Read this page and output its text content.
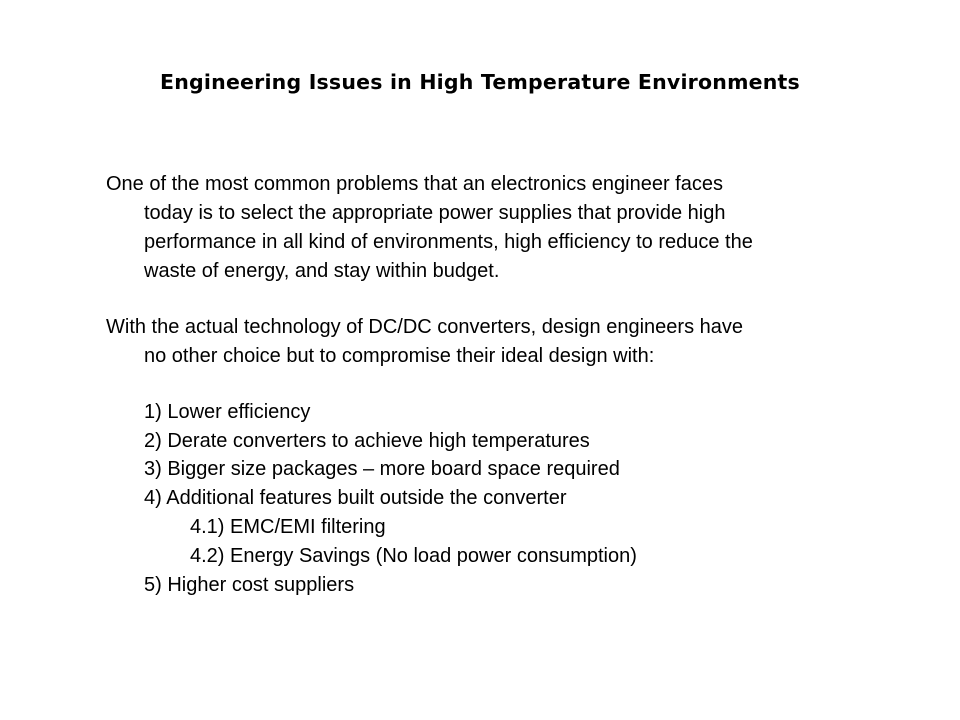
Engineering Issues in High Temperature Environments
One of the most common problems that an electronics engineer faces
today is to select the appropriate power supplies that provide high
performance in all kind of environments, high efficiency to reduce the
waste of energy, and stay within budget.
With the actual technology of DC/DC converters, design engineers have
no other choice but to compromise their ideal design with:
1) Lower efficiency
2) Derate converters to achieve high temperatures
3) Bigger size packages – more board space required
4) Additional features built outside the converter
4.1) EMC/EMI filtering
4.2) Energy Savings (No load power consumption)
5) Higher cost suppliers
